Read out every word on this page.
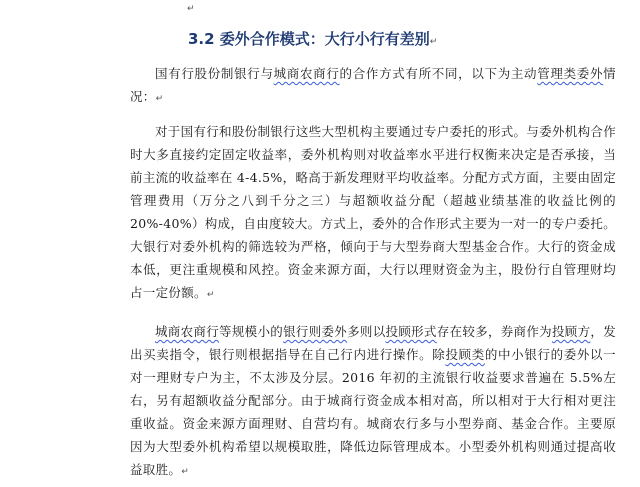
↵
3.2 委外合作模式：大行小行有差别↵

国有行股份制银行与城商农商行的合作方式有所不同，以下为主动管理类委外情况：↵

对于国有行和股份制银行这些大型机构主要通过专户委托的形式。与委外机构合作时大多直接约定固定收益率，委外机构则对收益率水平进行权衡来决定是否承接，当前主流的收益率在 4-4.5%，略高于新发理财平均收益率。分配方式方面，主要由固定管理费用（万分之八到千分之三）与超额收益分配（超越业绩基准的收益比例的 20%-40%）构成，自由度较大。方式上，委外的合作形式主要为一对一的专户委托。大银行对委外机构的筛选较为严格，倾向于与大型券商大型基金合作。大行的资金成本低，更注重规模和风控。资金来源方面，大行以理财资金为主，股份行自管理财均占一定份额。↵

城商农商行等规模小的银行则委外多则以投顾形式存在较多，券商作为投顾方，发出买卖指令，银行则根据指导在自己行内进行操作。除投顾类的中小银行的委外以一对一理财专户为主，不太涉及分层。2016 年初的主流银行收益要求普遍在 5.5%左右，另有超额收益分配部分。由于城商行资金成本相对高，所以相对于大行相对更注重收益。资金来源方面理财、自营均有。城商农行多与小型券商、基金合作。主要原因为大型委外机构希望以规模取胜，降低边际管理成本。小型委外机构则通过提高收益取胜。↵
